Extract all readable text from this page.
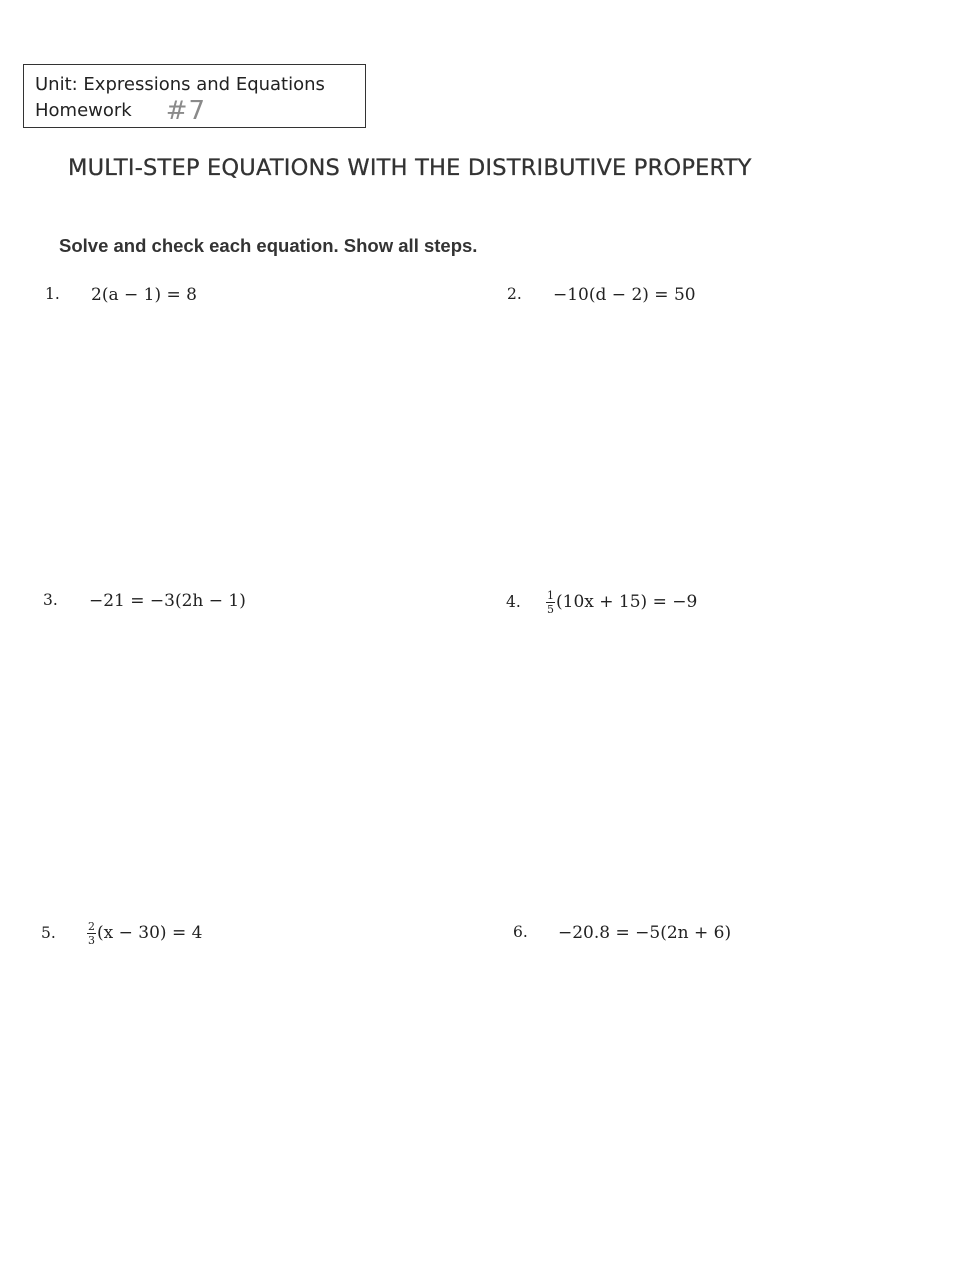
Unit: Expressions and Equations
Homework #7
MULTI-STEP EQUATIONS WITH THE DISTRIBUTIVE PROPERTY
Solve and check each equation. Show all steps.
1. 2(a − 1) = 8	2. −10(d − 2) = 50
3. −21 = −3(2h − 1)	4. $\frac{1}{5} (10x + 15) = -9$
5.	$\frac{2}{3} (x - 30) = 4$	6. −20.8 = −5(2n + 6)
